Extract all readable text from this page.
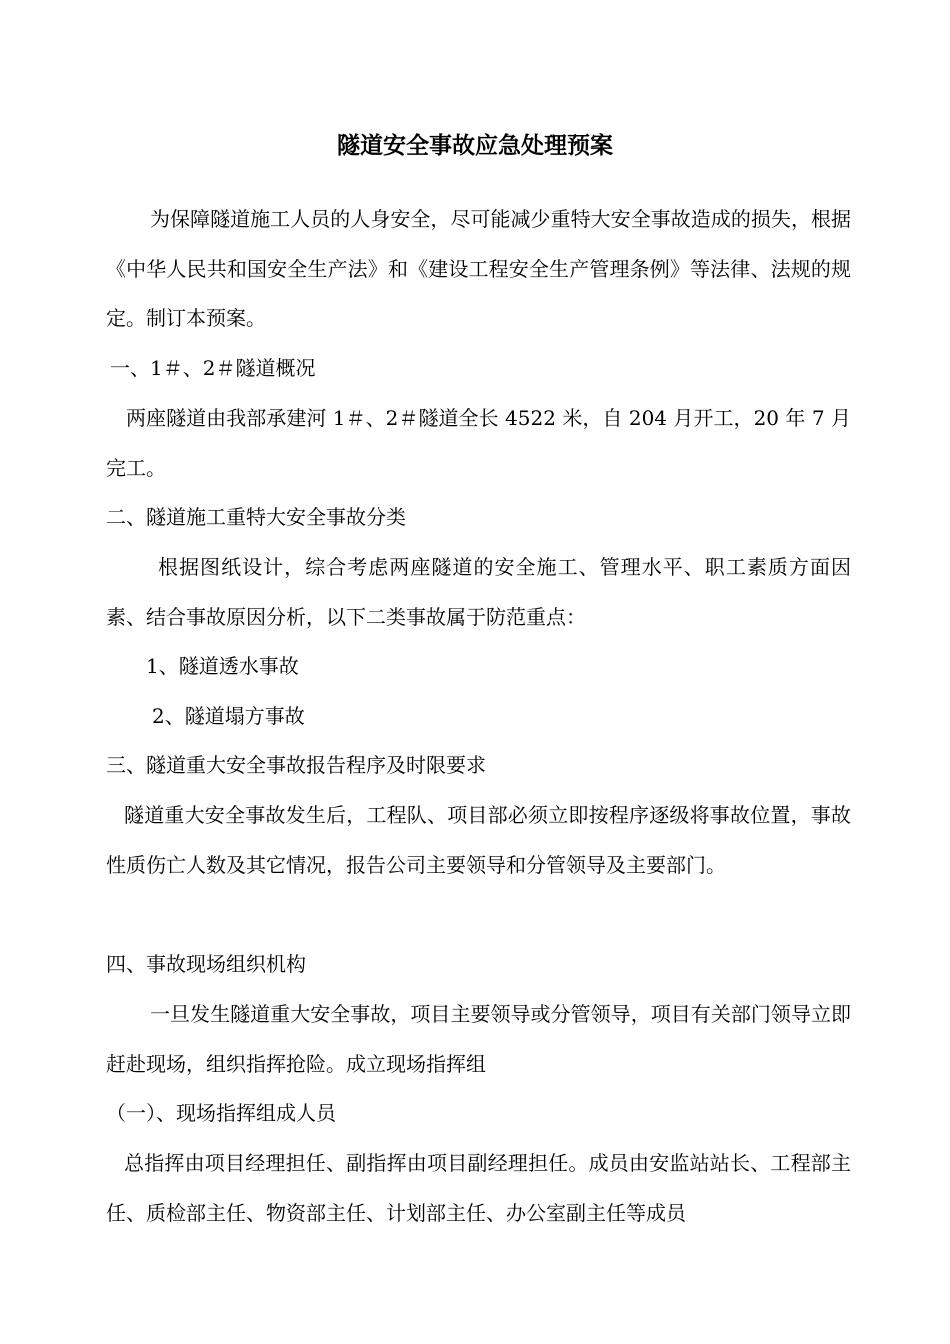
隧道安全事故应急处理预案

为保障隧道施工人员的人身安全，尽可能减少重特大安全事故造成的损失，根据《中华人民共和国安全生产法》和《建设工程安全生产管理条例》等法律、法规的规定。制订本预案。

一、1＃、2＃隧道概况

两座隧道由我部承建河 1＃、2＃隧道全长 4522 米，自 204 月开工，20 年 7 月完工。

二、隧道施工重特大安全事故分类

根据图纸设计，综合考虑两座隧道的安全施工、管理水平、职工素质方面因素、结合事故原因分析，以下二类事故属于防范重点：

1、隧道透水事故

2、隧道塌方事故

三、隧道重大安全事故报告程序及时限要求

隧道重大安全事故发生后，工程队、项目部必须立即按程序逐级将事故位置，事故性质伤亡人数及其它情况，报告公司主要领导和分管领导及主要部门。

四、事故现场组织机构

一旦发生隧道重大安全事故，项目主要领导或分管领导，项目有关部门领导立即赶赴现场，组织指挥抢险。成立现场指挥组

（一）、现场指挥组成人员

总指挥由项目经理担任、副指挥由项目副经理担任。成员由安监站站长、工程部主任、质检部主任、物资部主任、计划部主任、办公室副主任等成员
